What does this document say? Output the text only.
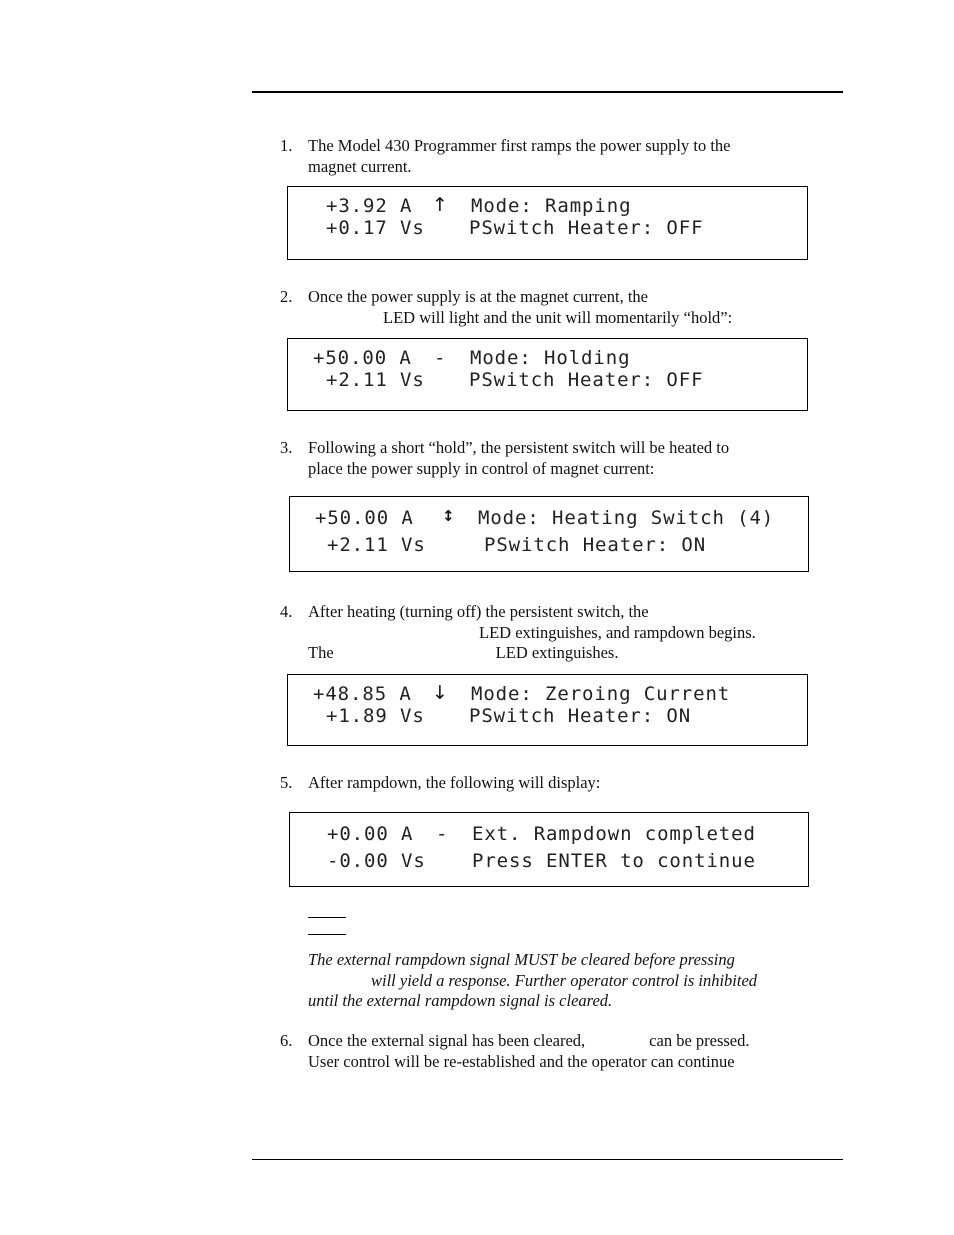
1. The Model 430 Programmer first ramps the power supply to the
magnet current.
+3.92 A ↑ Mode: Ramping
+0.17 Vs PSwitch Heater: OFF
2. Once the power supply is at the magnet current, the
LED will light and the unit will momentarily “hold”:
+50.00 A - Mode: Holding
+2.11 Vs PSwitch Heater: OFF
3. Following a short “hold”, the persistent switch will be heated to
place the power supply in control of magnet current:
+50.00 A ↕ Mode: Heating Switch (4)
+2.11 Vs	PSwitch Heater: ON
4. After heating (turning off) the persistent switch, the
LED extinguishes, and rampdown begins.
The	LED extinguishes.
+48.85 A ↓ Mode: Zeroing Current
+1.89 Vs PSwitch Heater: ON
5. After rampdown, the following will display:
+0.00 A - Ext. Rampdown completed
-0.00 Vs Press ENTER to continue
The external rampdown signal MUST be cleared before pressing
will yield a response. Further operator control is inhibited
until the external rampdown signal is cleared.
6. Once the external signal has been cleared,	can be pressed.
User control will be re-established and the operator can continue
